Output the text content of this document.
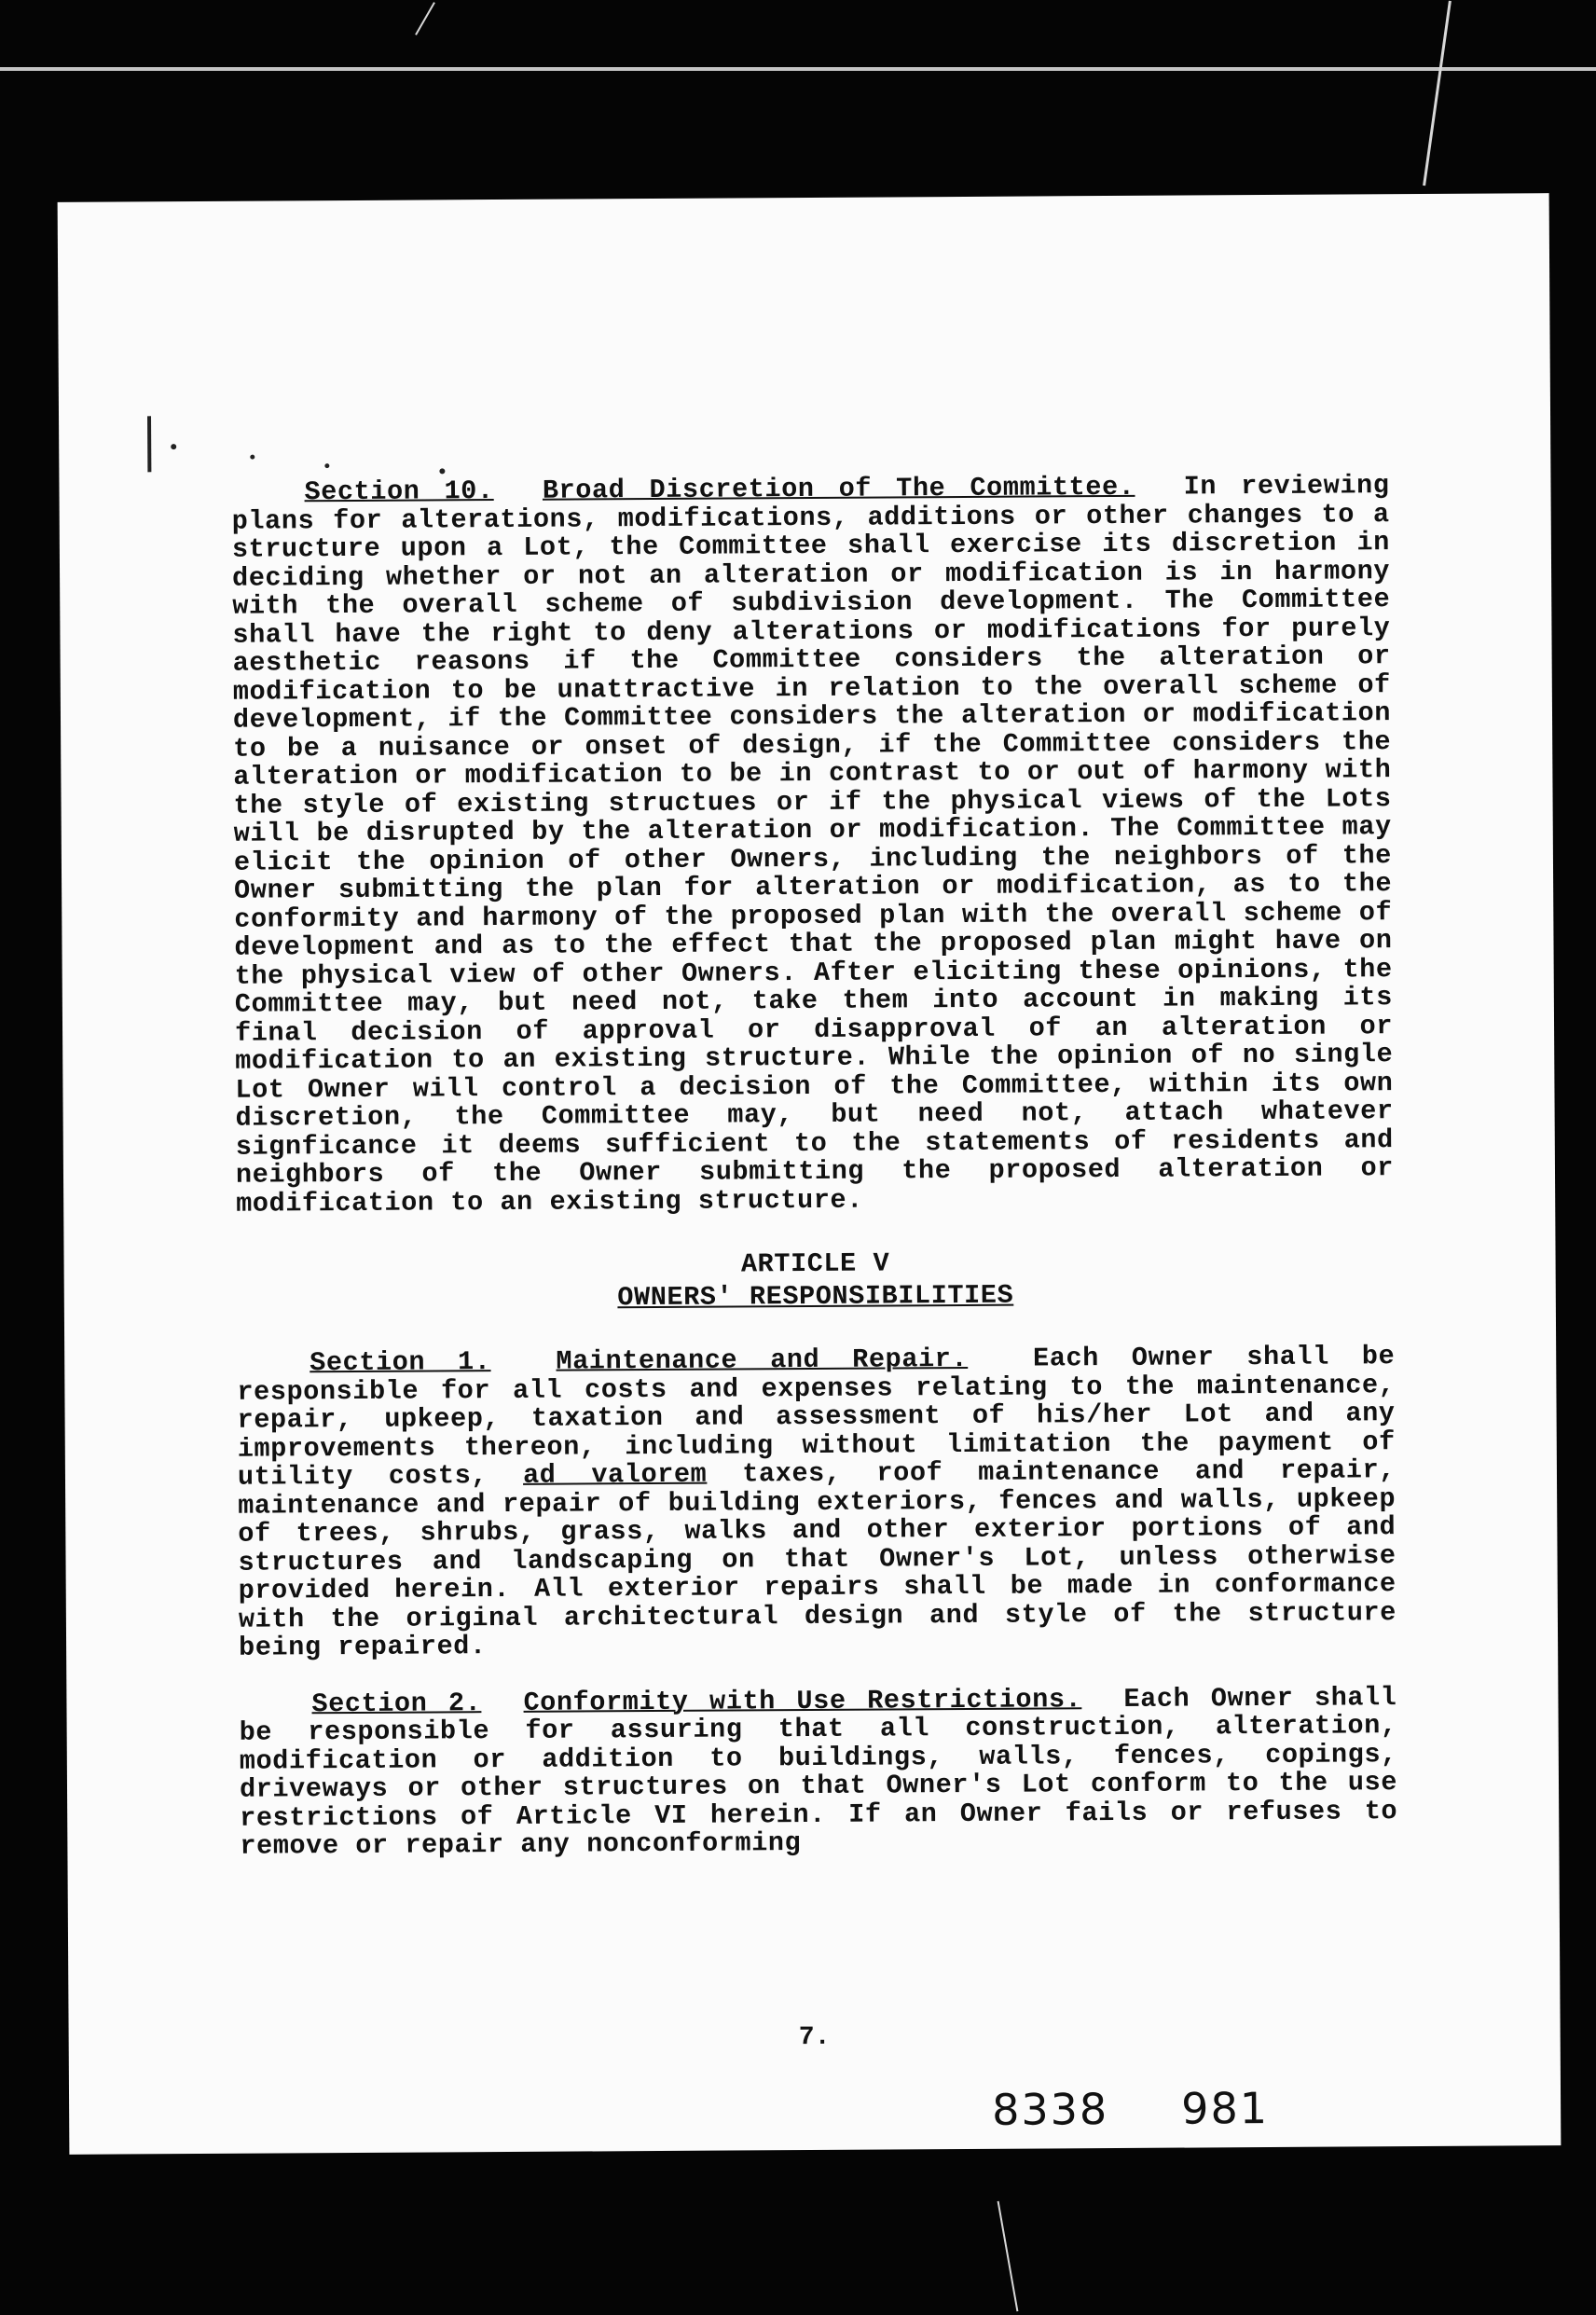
Section 10. Broad Discretion of The Committee. In reviewing plans for alterations, modifications, additions or other changes to a structure upon a Lot, the Committee shall exercise its discretion in deciding whether or not an alteration or modification is in harmony with the overall scheme of subdivision development. The Committee shall have the right to deny alterations or modifications for purely aesthetic reasons if the Committee considers the alteration or modification to be unattractive in relation to the overall scheme of development, if the Committee considers the alteration or modification to be a nuisance or onset of design, if the Committee considers the alteration or modification to be in contrast to or out of harmony with the style of existing structues or if the physical views of the Lots will be disrupted by the alteration or modification. The Committee may elicit the opinion of other Owners, including the neighbors of the Owner submitting the plan for alteration or modification, as to the conformity and harmony of the proposed plan with the overall scheme of development and as to the effect that the proposed plan might have on the physical view of other Owners. After eliciting these opinions, the Committee may, but need not, take them into account in making its final decision of approval or disapproval of an alteration or modification to an existing structure. While the opinion of no single Lot Owner will control a decision of the Committee, within its own discretion, the Committee may, but need not, attach whatever signficance it deems sufficient to the statements of residents and neighbors of the Owner submitting the proposed alteration or modification to an existing structure.

ARTICLE V
OWNERS' RESPONSIBILITIES

Section 1. Maintenance and Repair. Each Owner shall be responsible for all costs and expenses relating to the maintenance, repair, upkeep, taxation and assessment of his/her Lot and any improvements thereon, including without limitation the payment of utility costs, ad valorem taxes, roof maintenance and repair, maintenance and repair of building exteriors, fences and walls, upkeep of trees, shrubs, grass, walks and other exterior portions of and structures and landscaping on that Owner's Lot, unless otherwise provided herein. All exterior repairs shall be made in conformance with the original architectural design and style of the structure being repaired.

Section 2. Conformity with Use Restrictions. Each Owner shall be responsible for assuring that all construction, alteration, modification or addition to buildings, walls, fences, copings, driveways or other structures on that Owner's Lot conform to the use restrictions of Article VI herein. If an Owner fails or refuses to remove or repair any nonconforming

7.
8338 981
